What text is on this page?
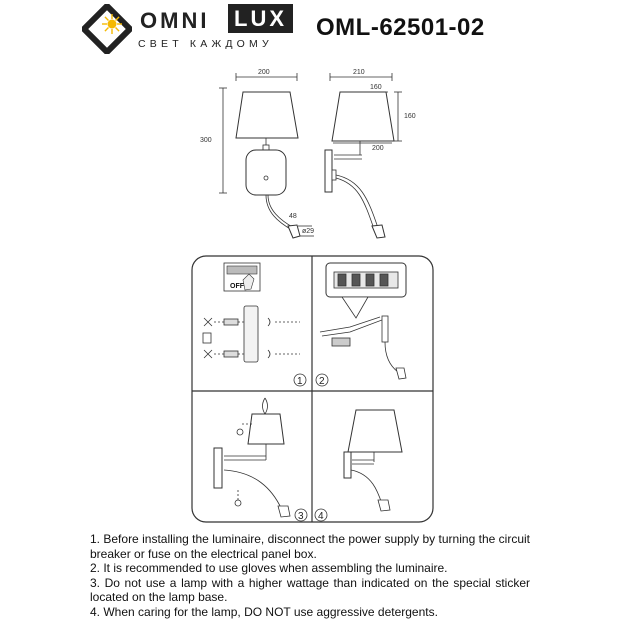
OMNI LUX
СВЕТ КАЖДОМУ
OML-62501-02
200
300
48
ø29
210
160
200
160
OFF
1 2
3 4

1. Before installing the luminaire, disconnect the power supply by turning the circuit breaker or fuse on the electrical panel box.

2. It is recommended to use gloves when assembling the luminaire.

3. Do not use a lamp with a higher wattage than indicated on the special sticker located on the lamp base.

4. When caring for the lamp, DO NOT use aggressive detergents.
